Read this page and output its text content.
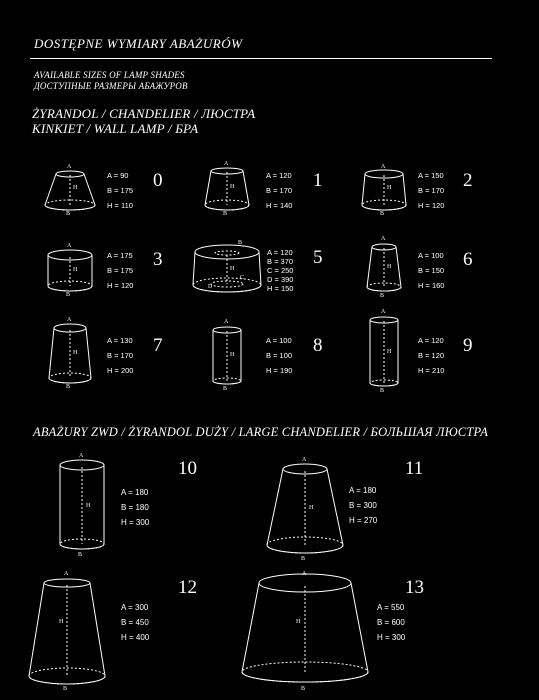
DOSTĘPNE WYMIARY ABAŻURÓW
AVAILABLE SIZES OF LAMP SHADES
ДОСТУПНЫЕ РАЗМЕРЫ АБАЖУРОВ
ŻYRANDOL / CHANDELIER / ЛЮСТРА
KINKIET / WALL LAMP / БРА
A
H
B
A = 90
B = 175
H = 110
0
A
H
B
A = 120
B = 170
H = 140
1
A
H
B
A = 150
B = 170
H = 120
2
A
H
B
A = 175
B = 175
H = 120
3
B
H
C
D
A = 120
B = 370
C = 250
D = 390
H = 150
5
A
H
B
A = 100
B = 150
H = 160
6
A
H
B
A = 130
B = 170
H = 200
7
A
H
B
A = 100
B = 100
H = 190
8
A
H
B
A = 120
B = 120
H = 210
9
ABAŻURY ZWD / ŻYRANDOL DUŻY / LARGE CHANDELIER / БОЛЬШАЯ ЛЮСТРА
A
H
B
A = 180
B = 180
H = 300
10	A
H
B
A = 180
B = 300
H = 270
11
A
H
B
A = 300
B = 450
H = 400
12
A
H
B
A = 550
B = 600
H = 300
13
